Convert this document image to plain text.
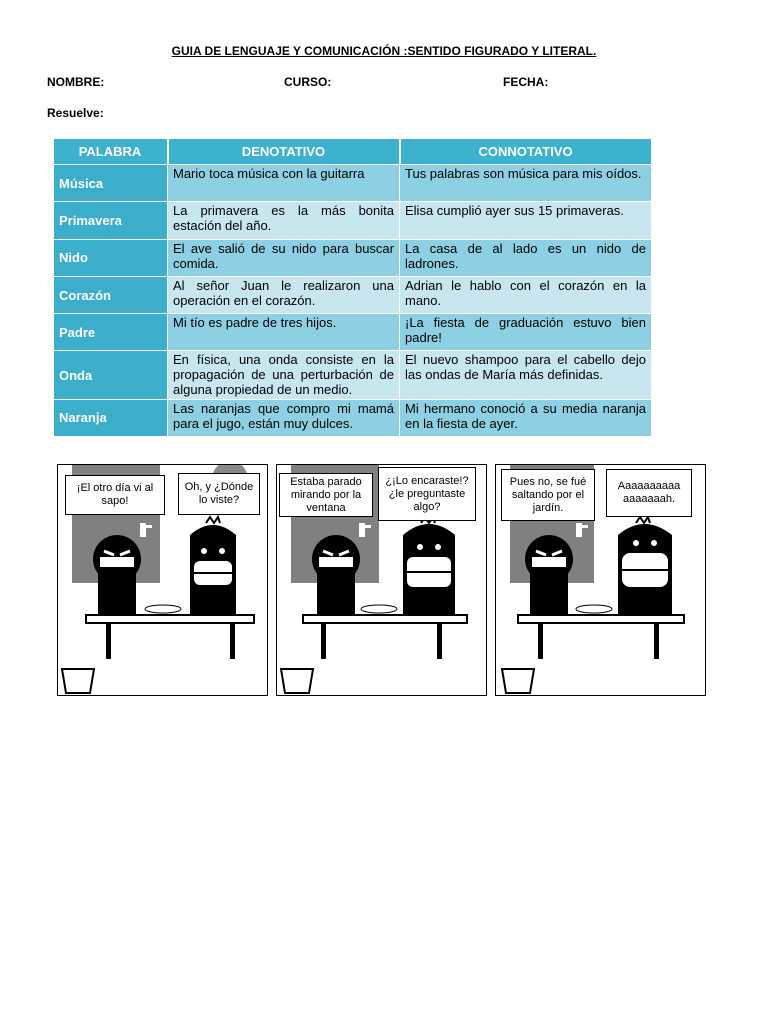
GUIA DE LENGUAJE Y COMUNICACIÓN :SENTIDO FIGURADO Y LITERAL.
NOMBRE:	CURSO:	FECHA:
Resuelve:
PALABRA	DENOTATIVO	CONNOTATIVO
Música	Mario toca música con la guitarra	Tus palabras son música para mis oídos.
Primavera	La primavera es la más bonita estación del año.	Elisa cumplió ayer sus 15 primaveras.
Nido	El ave salió de su nido para buscar comida.	La casa de al lado es un nido de ladrones.
Corazón	Al señor Juan le realizaron una operación en el corazón.	Adrian le hablo con el corazón en la mano.
Padre	Mi tío es padre de tres hijos.	¡La fiesta de graduación estuvo bien padre!
Onda	En física, una onda consiste en la propagación de una perturbación de alguna propiedad de un medio.	El nuevo shampoo para el cabello dejo las ondas de María más definidas.
Naranja	Las naranjas que compro mi mamá para el jugo, están muy dulces.	Mi hermano conoció a su media naranja en la fiesta de ayer.
¡El otro día vi al sapo!
Oh, y ¿Dónde lo viste?
Estaba parado mirando por la ventana
¿¡Lo encaraste!?¿le preguntaste algo?
Pues no, se fué saltando por el jardín.
Aaaaaaaaaa aaaaaaah.
